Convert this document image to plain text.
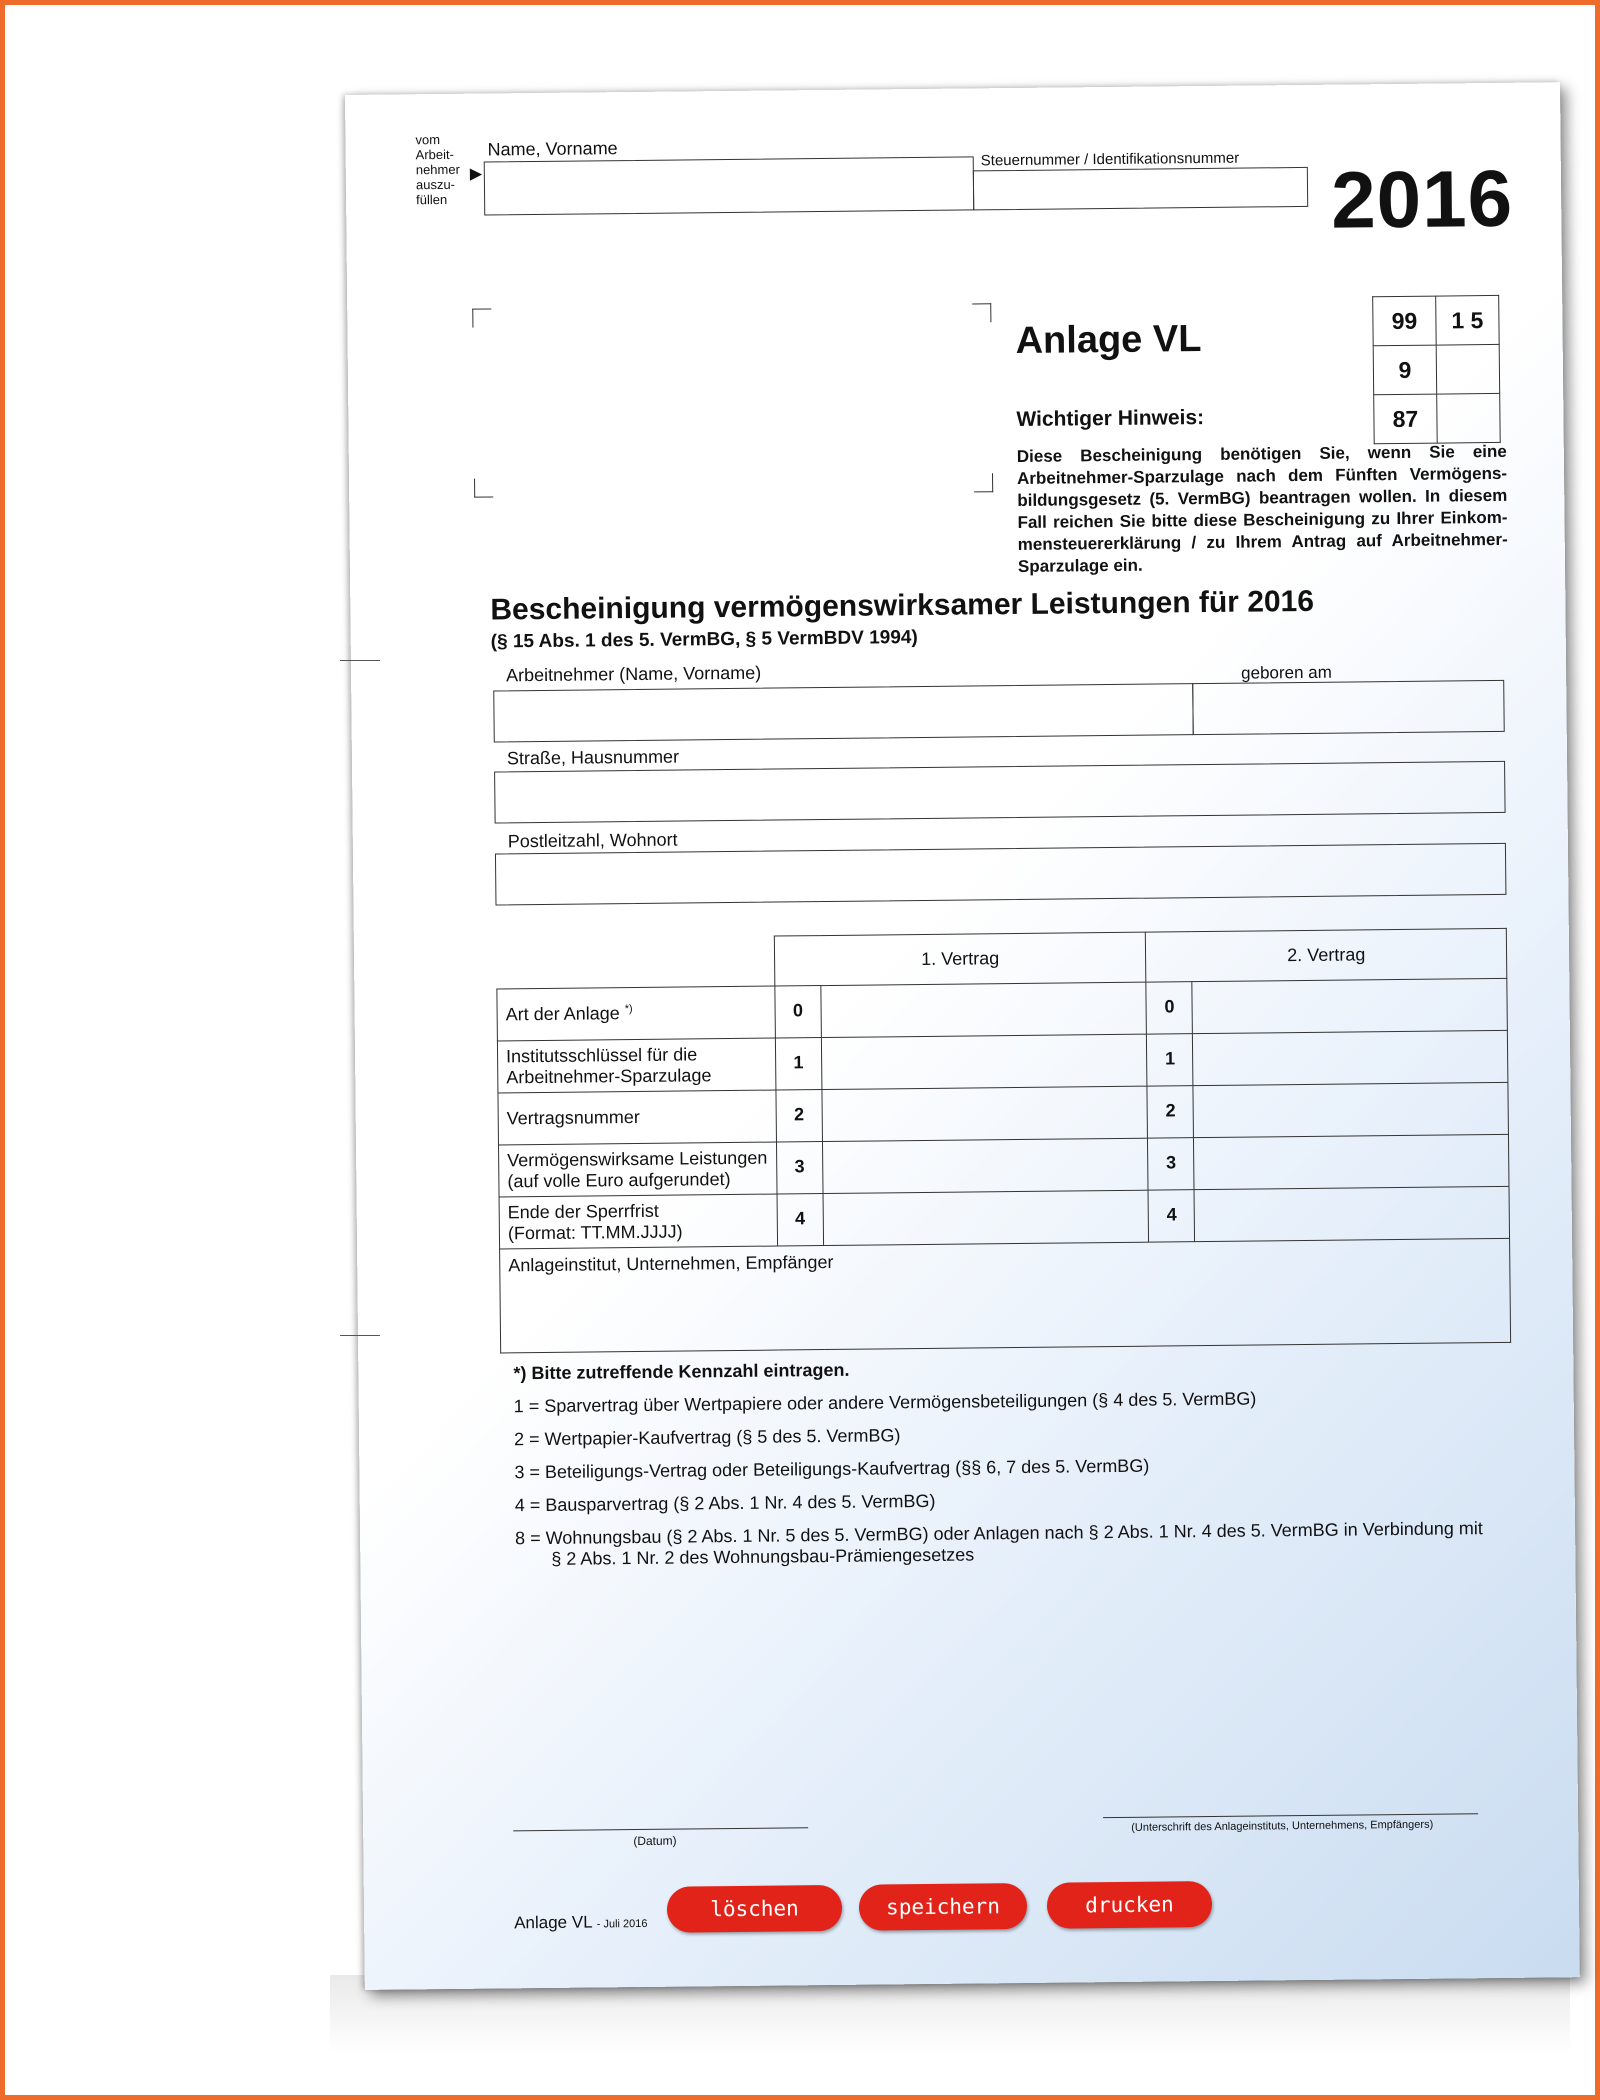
vom
Arbeit-
nehmer
auszu-
füllen
▶
Name, Vorname	Steuernummer / Identifikationsnummer 2016
Anlage VL	99	1 5
9	
87	
Wichtiger Hinweis:
Diese Bescheinigung benötigen Sie, wenn Sie eine Arbeitnehmer-Sparzulage nach dem Fünften Vermögens-bildungsgesetz (5. VermBG) beantragen wollen. In diesem Fall reichen Sie bitte diese Bescheinigung zu Ihrer Einkom-mensteuererklärung / zu Ihrem Antrag auf Arbeitnehmer-Sparzulage ein.
Bescheinigung vermögenswirksamer Leistungen für 2016
(§ 15 Abs. 1 des 5. VermBG, § 5 VermBDV 1994)
Arbeitnehmer (Name, Vorname)	geboren am
Straße, Hausnummer
Postleitzahl, Wohnort
	1. Vertrag		2. Vertrag	
Art der Anlage *)	0		0	

Institutsschlüssel für die
Arbeitnehmer-Sparzulage	1		1	
Vertragsnummer	2		2	

Vermögenswirksame Leistungen
(auf volle Euro aufgerundet)	3		3	

Ende der Sperrfrist
(Format: TT.MM.JJJJ)	4		4	
Anlageinstitut, Unternehmen, Empfänger				

*) Bitte zutreffende Kennzahl eintragen.

1 = Sparvertrag über Wertpapiere oder andere Vermögensbeteiligungen (§ 4 des 5. VermBG)

2 = Wertpapier-Kaufvertrag (§ 5 des 5. VermBG)

3 = Beteiligungs-Vertrag oder Beteiligungs-Kaufvertrag (§§ 6, 7 des 5. VermBG)

4 = Bausparvertrag (§ 2 Abs. 1 Nr. 4 des 5. VermBG)

8 = Wohnungsbau (§ 2 Abs. 1 Nr. 5 des 5. VermBG) oder Anlagen nach § 2 Abs. 1 Nr. 4 des 5. VermBG in Verbindung mit

§ 2 Abs. 1 Nr. 2 des Wohnungsbau-Prämiengesetzes

(Datum)
(Unterschrift des Anlageinstituts, Unternehmens, Empfängers)
Anlage VL - Juli 2016
löschen	speichern	drucken
